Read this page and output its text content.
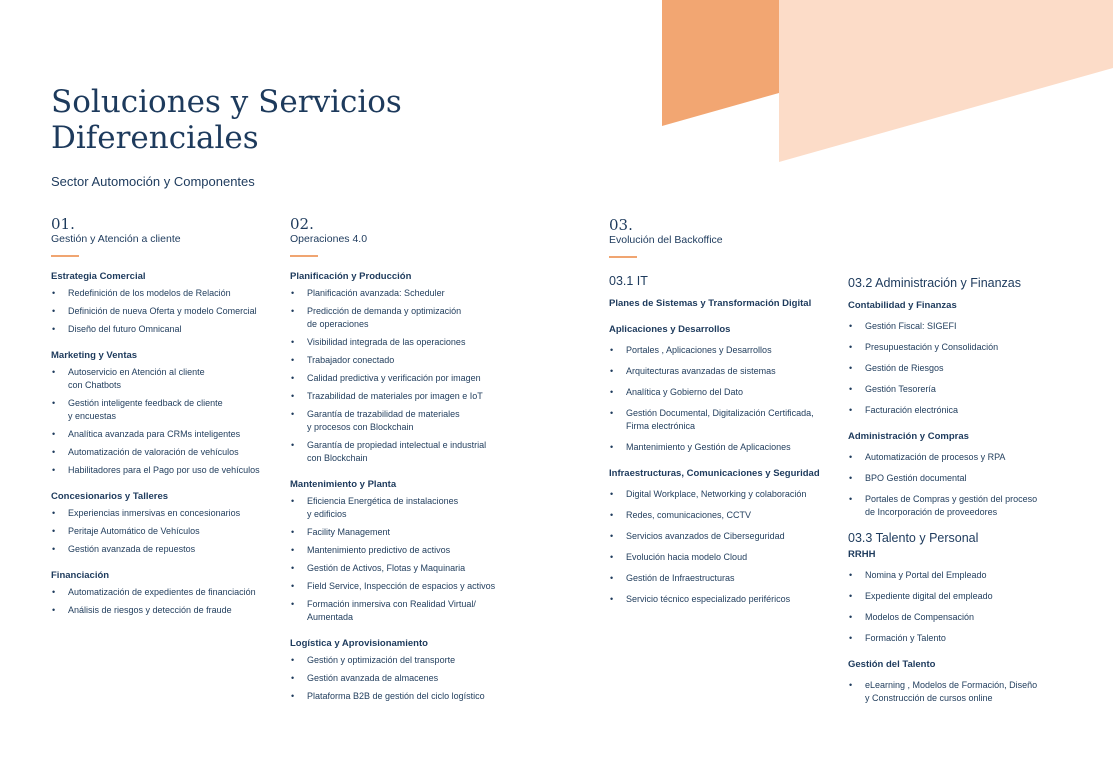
Soluciones y Servicios
Diferenciales
Sector Automoción y Componentes
01.
Gestión y Atención a cliente
Estrategia Comercial
• Redefinición de los modelos de Relación
• Definición de nueva Oferta y modelo Comercial
• Diseño del futuro Omnicanal
Marketing y Ventas
• Autoservicio en Atención al cliente
con Chatbots
• Gestión inteligente feedback de cliente
y encuestas
• Analítica avanzada para CRMs inteligentes
• Automatización de valoración de vehículos
• Habilitadores para el Pago por uso de vehículos
Concesionarios y Talleres
• Experiencias inmersivas en concesionarios
• Peritaje Automático de Vehículos
• Gestión avanzada de repuestos
Financiación
• Automatización de expedientes de financiación
• Análisis de riesgos y detección de fraude
02.
Operaciones 4.0
Planificación y Producción
• Planificación avanzada: Scheduler
• Predicción de demanda y optimización
de operaciones
• Visibilidad integrada de las operaciones
• Trabajador conectado
• Calidad predictiva y verificación por imagen
• Trazabilidad de materiales por imagen e IoT
• Garantía de trazabilidad de materiales
y procesos con Blockchain
• Garantía de propiedad intelectual e industrial
con Blockchain
Mantenimiento y Planta
• Eficiencia Energética de instalaciones
y edificios
• Facility Management
• Mantenimiento predictivo de activos
• Gestión de Activos, Flotas y Maquinaria
• Field Service, Inspección de espacios y activos
• Formación inmersiva con Realidad Virtual/
Aumentada
Logística y Aprovisionamiento
• Gestión y optimización del transporte
• Gestión avanzada de almacenes
• Plataforma B2B de gestión del ciclo logístico
03.
Evolución del Backoffice
03.1 IT
Planes de Sistemas y Transformación Digital
Aplicaciones y Desarrollos
• Portales , Aplicaciones y Desarrollos
• Arquitecturas avanzadas de sistemas
• Analítica y Gobierno del Dato
• Gestión Documental, Digitalización Certificada,
Firma electrónica
• Mantenimiento y Gestión de Aplicaciones
Infraestructuras, Comunicaciones y Seguridad
• Digital Workplace, Networking y colaboración
• Redes, comunicaciones, CCTV
• Servicios avanzados de Ciberseguridad
• Evolución hacia modelo Cloud
• Gestión de Infraestructuras
• Servicio técnico especializado periféricos
03.2 Administración y Finanzas
Contabilidad y Finanzas
• Gestión Fiscal: SIGEFI
• Presupuestación y Consolidación
• Gestión de Riesgos
• Gestión Tesorería
• Facturación electrónica
Administración y Compras
• Automatización de procesos y RPA
• BPO Gestión documental
• Portales de Compras y gestión del proceso
de Incorporación de proveedores
03.3 Talento y Personal
RRHH
• Nomina y Portal del Empleado
• Expediente digital del empleado
• Modelos de Compensación
• Formación y Talento
Gestión del Talento
• eLearning , Modelos de Formación, Diseño
y Construcción de cursos online
